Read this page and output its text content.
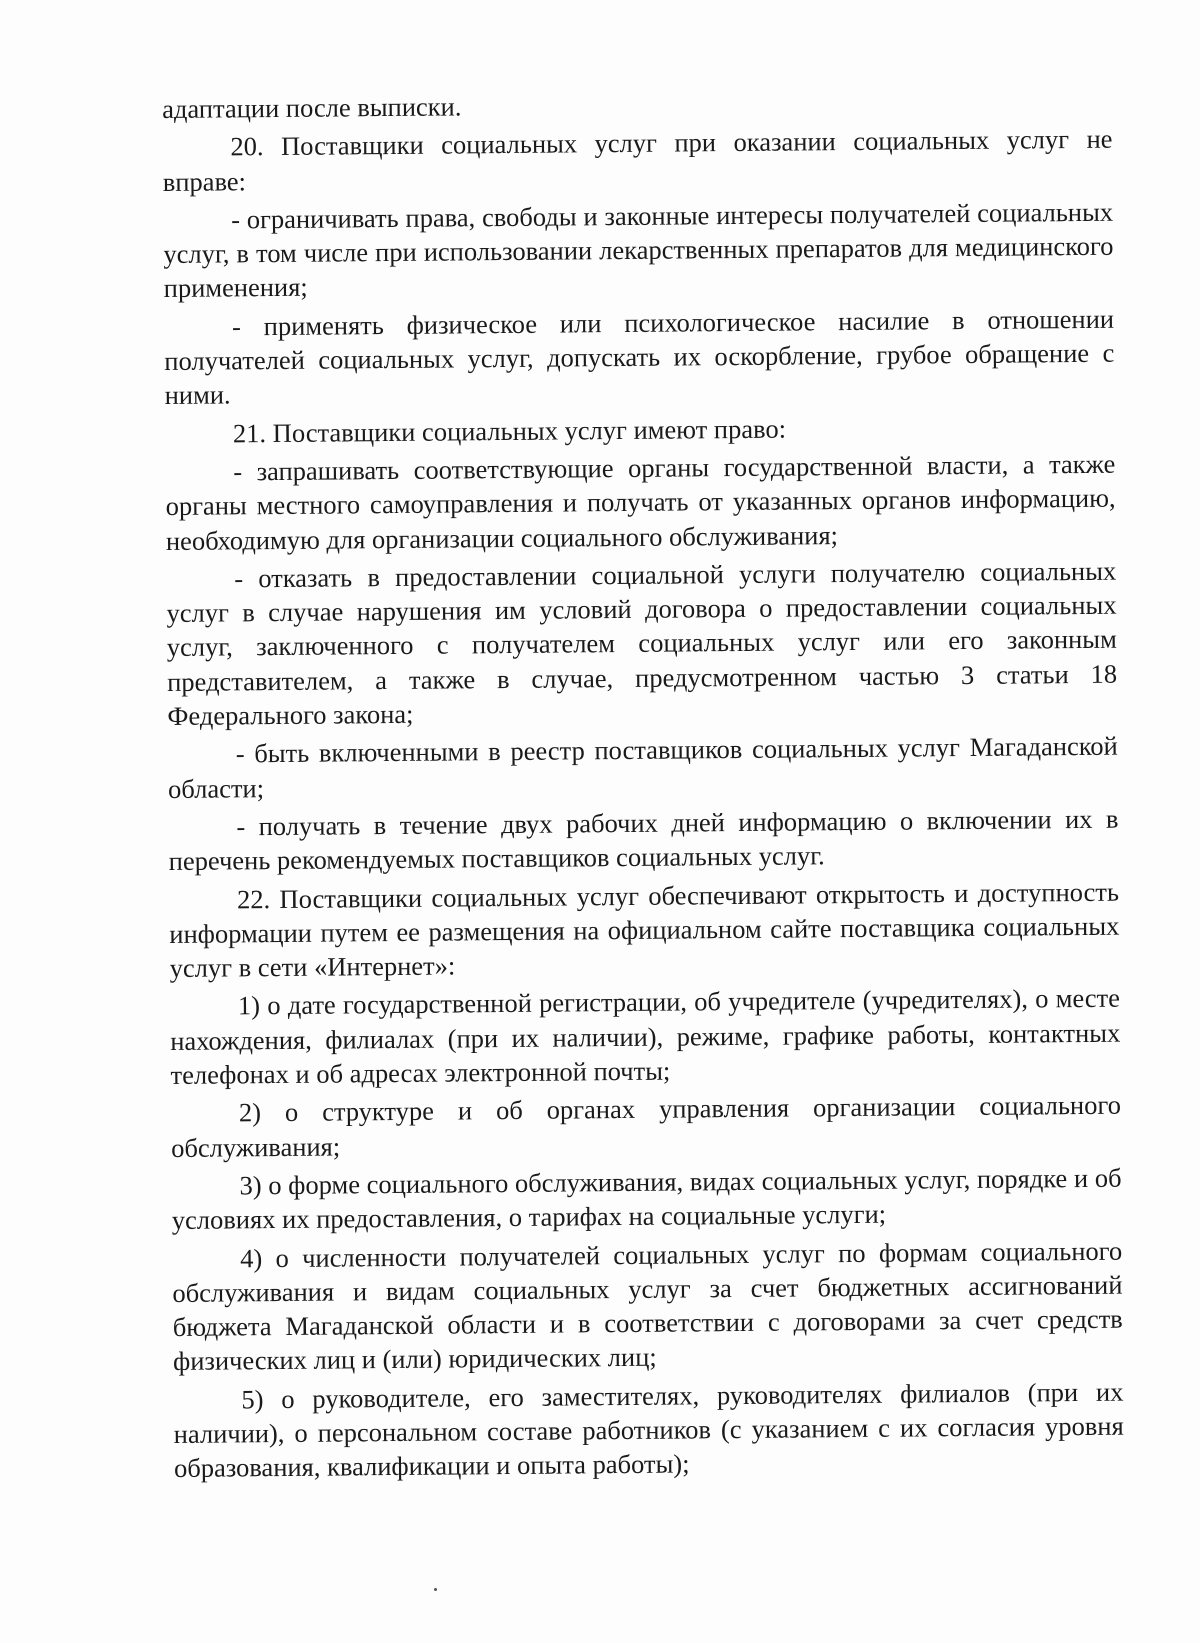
адаптации после выписки.

20. Поставщики социальных услуг при оказании социальных услуг не вправе:

- ограничивать права, свободы и законные интересы получателей социальных услуг, в том числе при использовании лекарственных препаратов для медицинского применения;

- применять физическое или психологическое насилие в отношении получателей социальных услуг, допускать их оскорбление, грубое обращение с ними.

21. Поставщики социальных услуг имеют право:

- запрашивать соответствующие органы государственной власти, а также органы местного самоуправления и получать от указанных органов информацию, необходимую для организации социального обслуживания;

- отказать в предоставлении социальной услуги получателю социальных услуг в случае нарушения им условий договора о предоставлении социальных услуг, заключенного с получателем социальных услуг или его законным представителем, а также в случае, предусмотренном частью 3 статьи 18 Федерального закона;

- быть включенными в реестр поставщиков социальных услуг Магаданской области;

- получать в течение двух рабочих дней информацию о включении их в перечень рекомендуемых поставщиков социальных услуг.

22. Поставщики социальных услуг обеспечивают открытость и доступность информации путем ее размещения на официальном сайте поставщика социальных услуг в сети «Интернет»:

1) о дате государственной регистрации, об учредителе (учредителях), о месте нахождения, филиалах (при их наличии), режиме, графике работы, контактных телефонах и об адресах электронной почты;

2) о структуре и об органах управления организации социального обслуживания;

3) о форме социального обслуживания, видах социальных услуг, порядке и об условиях их предоставления, о тарифах на социальные услуги;

4) о численности получателей социальных услуг по формам социального обслуживания и видам социальных услуг за счет бюджетных ассигнований бюджета Магаданской области и в соответствии с договорами за счет средств физических лиц и (или) юридических лиц;

5) о руководителе, его заместителях, руководителях филиалов (при их наличии), о персональном составе работников (с указанием с их согласия уровня образования, квалификации и опыта работы);
